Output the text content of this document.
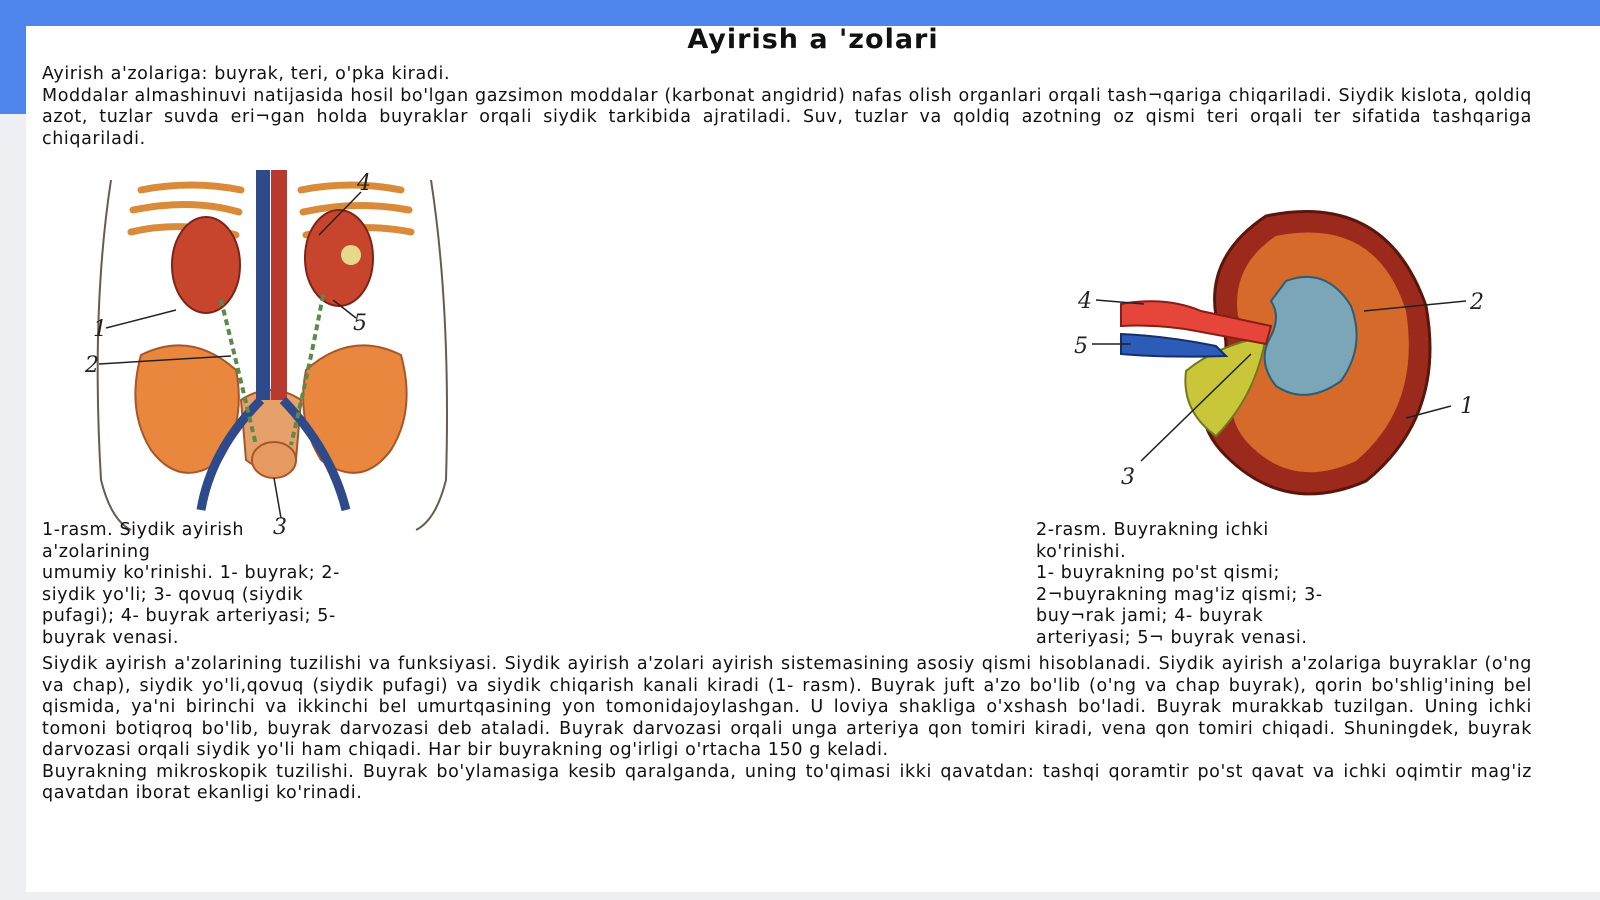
Ayirish a 'zolari
Ayirish a'zolariga: buyrak, teri, o'pka kiradi.
Moddalar almashinuvi natijasida hosil bo'lgan gazsimon moddalar (karbonat angidrid) nafas olish organlari orqaIi tash¬qariga chiqariladi. Siydik kislota, qoldiq azot, tuzlar suvda eri¬gan holda buyraklar orqali siydik tarkibida ajratiladi. Suv, tuzlar va qoldiq azotning oz qismi teri orqali ter sifatida tashqariga chiqariladi.
1
2
3
4
5
4
5
2
1
3
1-rasm. Siydik ayirish
a'zolarining
umumiy ko'rinishi. 1- buyrak; 2-
siydik yo'li; 3- qovuq (siydik
pufagi); 4- buyrak arteriyasi; 5-
buyrak venasi.
2-rasm. Buyrakning ichki
ko'rinishi.
1- buyrakning po'st qismi;
2¬buyrakning mag'iz qismi; 3-
buy¬rak jami; 4- buyrak
arteriyasi; 5¬ buyrak venasi.
Siydik ayirish a'zolarining tuzilishi va funksiyasi. Siydik ayirish a'zolari ayirish sistemasining asosiy qismi hisoblanadi. Siydik ayirish a'zolariga buyraklar (o'ng va chap), siydik yo'li,qovuq (siydik pufagi) va siydik chiqarish kanali kiradi (1- rasm). Buyrak juft a'zo bo'lib (o'ng va chap buyrak), qorin bo'shlig'ining bel qismida, ya'ni birinchi va ikkinchi bel umurtqasining yon tomonidajoylashgan. U loviya shakliga o'xshash bo'ladi. Buyrak murakkab tuzilgan. Uning ichki tomoni botiqroq bo'lib, buyrak darvozasi deb ataladi. Buyrak darvozasi orqali unga arteriya qon tomiri kiradi, vena qon tomiri chiqadi. Shuningdek, buyrak darvozasi orqali siydik yo'li ham chiqadi. Har bir buyrakning og'irligi o'rtacha 150 g keladi.
Buyrakning mikroskopik tuzilishi. Buyrak bo'ylamasiga kesib qaralganda, uning to'qimasi ikki qavatdan: tashqi qoramtir po'st qavat va ichki oqimtir mag'iz qavatdan iborat ekanligi ko'rinadi.
